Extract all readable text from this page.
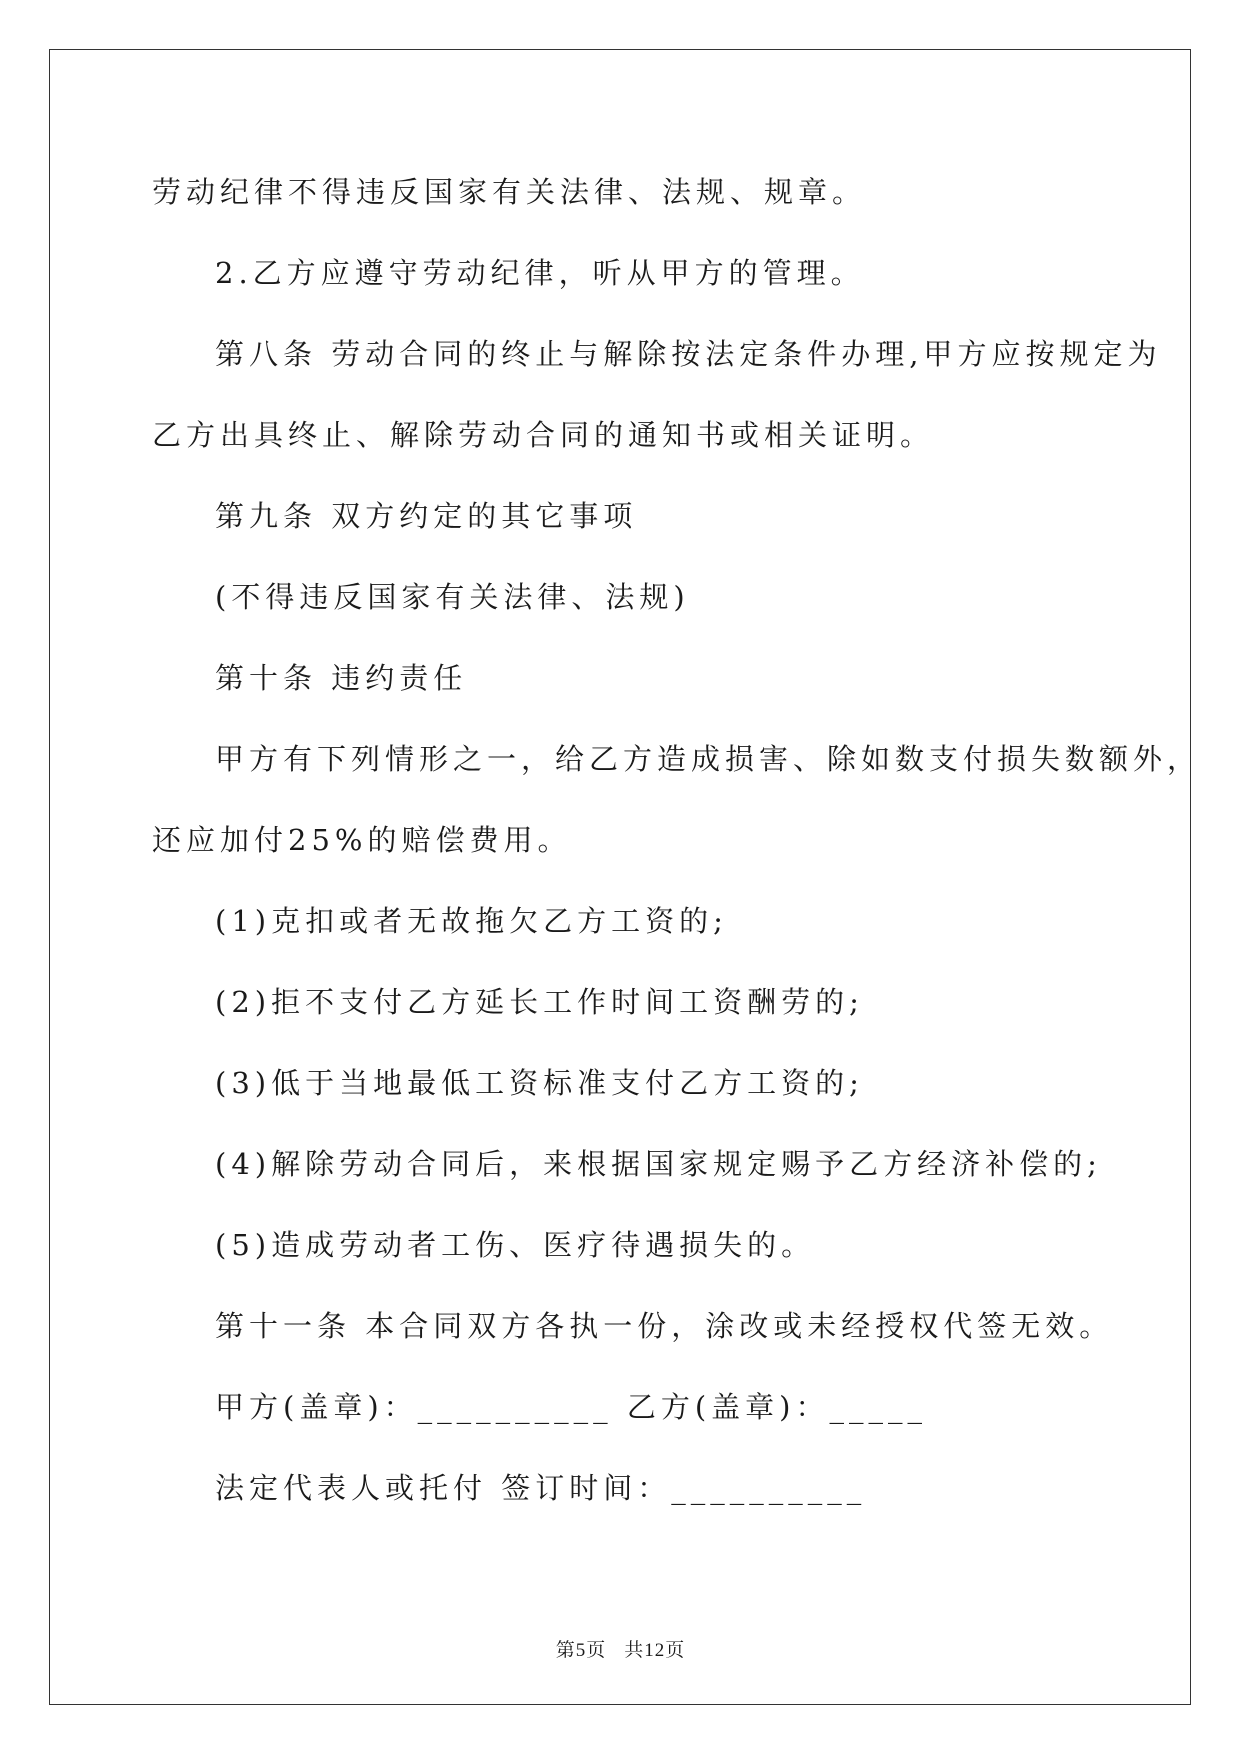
劳动纪律不得违反国家有关法律、法规、规章。

2.乙方应遵守劳动纪律，听从甲方的管理。

第八条 劳动合同的终止与解除按法定条件办理,甲方应按规定为

乙方出具终止、解除劳动合同的通知书或相关证明。

第九条 双方约定的其它事项

(不得违反国家有关法律、法规)

第十条 违约责任

甲方有下列情形之一，给乙方造成损害、除如数支付损失数额外，

还应加付25%的赔偿费用。

(1)克扣或者无故拖欠乙方工资的;

(2)拒不支付乙方延长工作时间工资酬劳的;

(3)低于当地最低工资标准支付乙方工资的;

(4)解除劳动合同后，来根据国家规定赐予乙方经济补偿的;

(5)造成劳动者工伤、医疗待遇损失的。

第十一条 本合同双方各执一份，涂改或未经授权代签无效。

甲方(盖章)：__________ 乙方(盖章)：_____

法定代表人或托付 签订时间：__________

第5页 共12页
